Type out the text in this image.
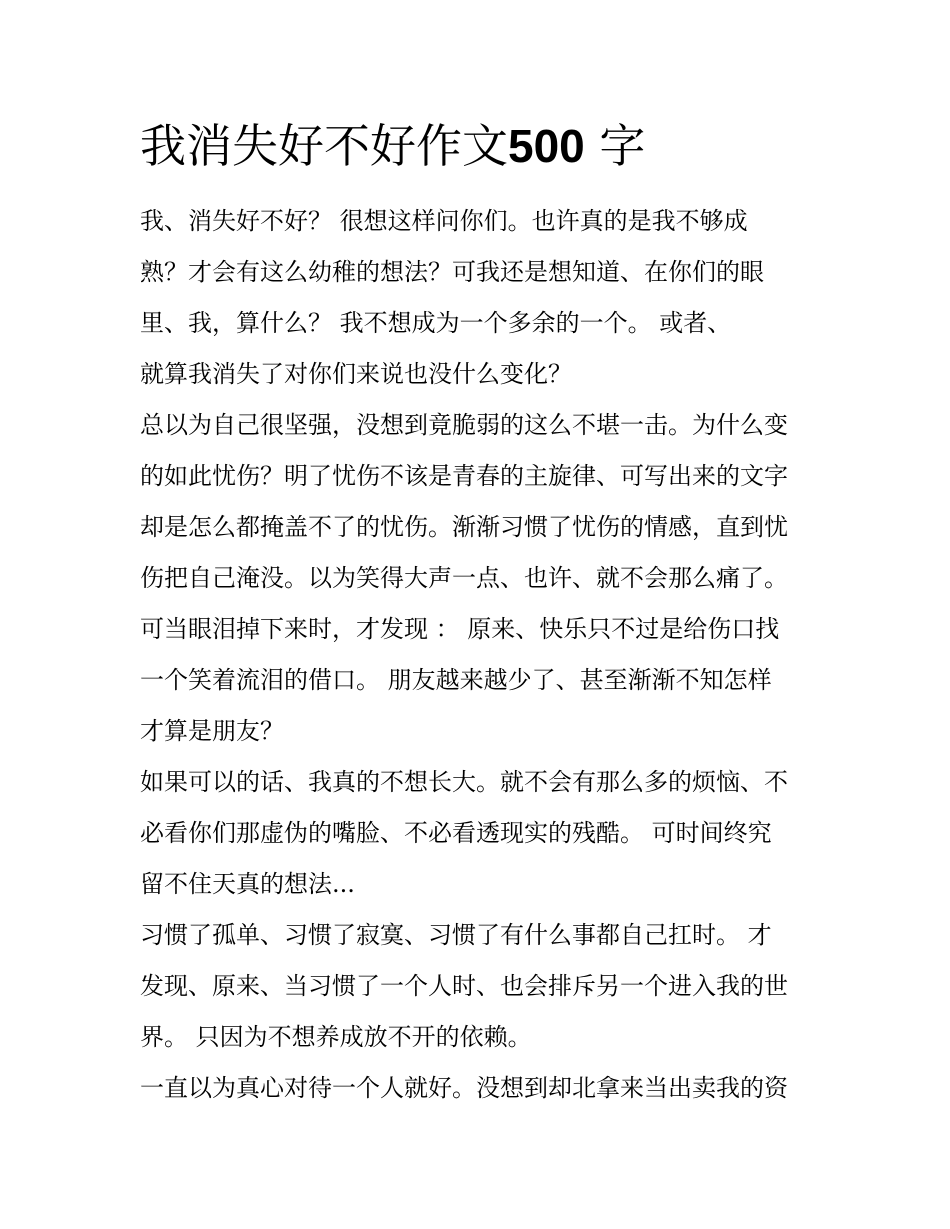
我消失好不好作文500 字
我、消失好不好？ 很想这样问你们。也许真的是我不够成
熟？才会有这么幼稚的想法？可我还是想知道、在你们的眼
里、我，算什么？ 我不想成为一个多余的一个。 或者、
就算我消失了对你们来说也没什么变化？
总以为自己很坚强，没想到竟脆弱的这么不堪一击。为什么变
的如此忧伤？明了忧伤不该是青春的主旋律、可写出来的文字
却是怎么都掩盖不了的忧伤。渐渐习惯了忧伤的情感，直到忧
伤把自己淹没。以为笑得大声一点、也许、就不会那么痛了。
可当眼泪掉下来时，才发现 ： 原来、快乐只不过是给伤口找
一个笑着流泪的借口。 朋友越来越少了、甚至渐渐不知怎样
才算是朋友？
如果可以的话、我真的不想长大。就不会有那么多的烦恼、不
必看你们那虚伪的嘴脸、不必看透现实的残酷。 可时间终究
留不住天真的想法...
习惯了孤单、习惯了寂寞、习惯了有什么事都自己扛时。 才
发现、原来、当习惯了一个人时、也会排斥另一个进入我的世
界。 只因为不想养成放不开的依赖。
一直以为真心对待一个人就好。没想到却北拿来当出卖我的资
